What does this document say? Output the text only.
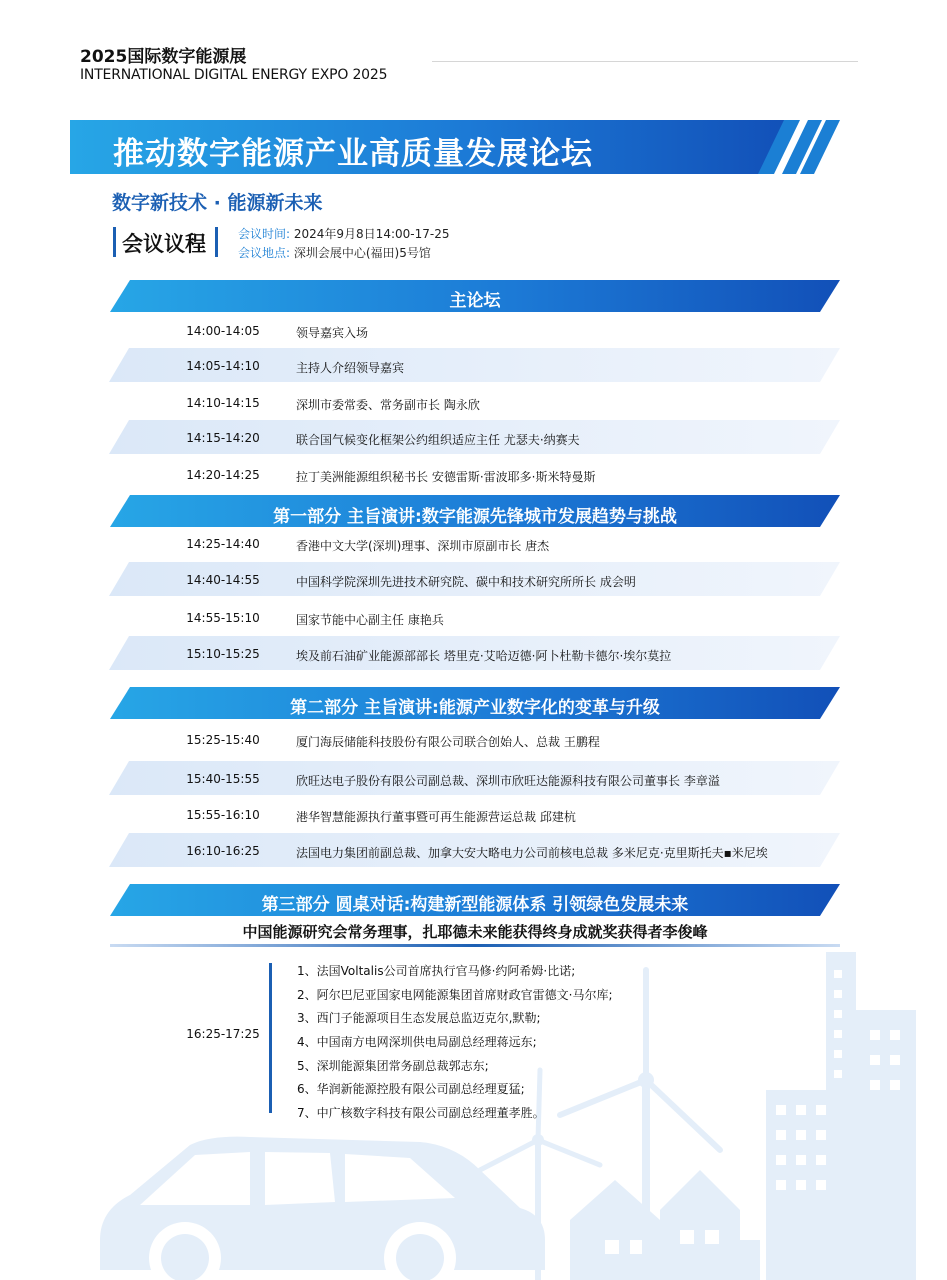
2025国际数字能源展
INTERNATIONAL DIGITAL ENERGY EXPO 2025
推动数字能源产业高质量发展论坛
数字新技术 · 能源新未来
会议议程	会议时间: 2024年9月8日14:00-17-25
会议地点: 深圳会展中心(福田)5号馆
主论坛
14:00-14:05	领导嘉宾入场
14:05-14:10	主持人介绍领导嘉宾
14:10-14:15	深圳市委常委、常务副市长 陶永欣
14:15-14:20	联合国气候变化框架公约组织适应主任 尤瑟夫·纳赛夫
14:20-14:25	拉丁美洲能源组织秘书长 安德雷斯·雷波耶多·斯米特曼斯
第一部分 主旨演讲:数字能源先锋城市发展趋势与挑战
14:25-14:40	香港中文大学(深圳)理事、深圳市原副市长 唐杰
14:40-14:55	中国科学院深圳先进技术研究院、碳中和技术研究所所长 成会明
14:55-15:10	国家节能中心副主任 康艳兵
15:10-15:25	埃及前石油矿业能源部部长 塔里克·艾哈迈德·阿卜杜勒卡德尔·埃尔莫拉
第二部分 主旨演讲:能源产业数字化的变革与升级
15:25-15:40	厦门海辰储能科技股份有限公司联合创始人、总裁 王鹏程
15:40-15:55	欣旺达电子股份有限公司副总裁、深圳市欣旺达能源科技有限公司董事长 李章溢
15:55-16:10	港华智慧能源执行董事暨可再生能源营运总裁 邱建杭
16:10-16:25	法国电力集团前副总裁、加拿大安大略电力公司前核电总裁 多米尼克·克里斯托夫▪米尼埃
第三部分 圆桌对话:构建新型能源体系 引领绿色发展未来
中国能源研究会常务理事，扎耶德未来能获得终身成就奖获得者李俊峰
16:25-17:25
1、法国Voltalis公司首席执行官马修·约阿希姆·比诺;
2、阿尔巴尼亚国家电网能源集团首席财政官雷德文·马尔库;
3、西门子能源项目生态发展总监迈克尔,默勒;
4、中国南方电网深圳供电局副总经理蒋远东;
5、深圳能源集团常务副总裁郭志东;
6、华润新能源控股有限公司副总经理夏猛;
7、中广核数字科技有限公司副总经理董孝胜。
